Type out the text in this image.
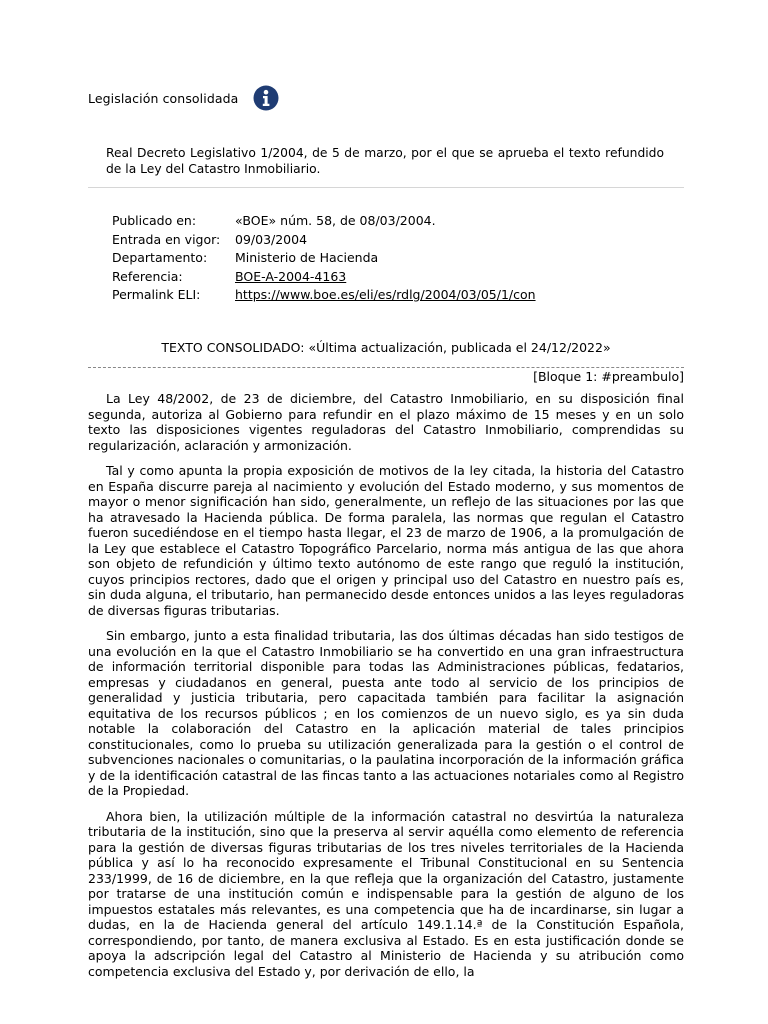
Legislación consolidada
Real Decreto Legislativo 1/2004, de 5 de marzo, por el que se aprueba el texto refundido de la Ley del Catastro Inmobiliario.
Publicado en:	«BOE» núm. 58, de 08/03/2004.
Entrada en vigor:	09/03/2004
Departamento:	Ministerio de Hacienda
Referencia:	BOE-A-2004-4163
Permalink ELI:	https://www.boe.es/eli/es/rdlg/2004/03/05/1/con
TEXTO CONSOLIDADO: «Última actualización, publicada el 24/12/2022»
[Bloque 1: #preambulo]

La Ley 48/2002, de 23 de diciembre, del Catastro Inmobiliario, en su disposición final segunda, autoriza al Gobierno para refundir en el plazo máximo de 15 meses y en un solo texto las disposiciones vigentes reguladoras del Catastro Inmobiliario, comprendidas su regularización, aclaración y armonización.

Tal y como apunta la propia exposición de motivos de la ley citada, la historia del Catastro en España discurre pareja al nacimiento y evolución del Estado moderno, y sus momentos de mayor o menor significación han sido, generalmente, un reflejo de las situaciones por las que ha atravesado la Hacienda pública. De forma paralela, las normas que regulan el Catastro fueron sucediéndose en el tiempo hasta llegar, el 23 de marzo de 1906, a la promulgación de la Ley que establece el Catastro Topográfico Parcelario, norma más antigua de las que ahora son objeto de refundición y último texto autónomo de este rango que reguló la institución, cuyos principios rectores, dado que el origen y principal uso del Catastro en nuestro país es, sin duda alguna, el tributario, han permanecido desde entonces unidos a las leyes reguladoras de diversas figuras tributarias.

Sin embargo, junto a esta finalidad tributaria, las dos últimas décadas han sido testigos de una evolución en la que el Catastro Inmobiliario se ha convertido en una gran infraestructura de información territorial disponible para todas las Administraciones públicas, fedatarios, empresas y ciudadanos en general, puesta ante todo al servicio de los principios de generalidad y justicia tributaria, pero capacitada también para facilitar la asignación equitativa de los recursos públicos ; en los comienzos de un nuevo siglo, es ya sin duda notable la colaboración del Catastro en la aplicación material de tales principios constitucionales, como lo prueba su utilización generalizada para la gestión o el control de subvenciones nacionales o comunitarias, o la paulatina incorporación de la información gráfica y de la identificación catastral de las fincas tanto a las actuaciones notariales como al Registro de la Propiedad.

Ahora bien, la utilización múltiple de la información catastral no desvirtúa la naturaleza tributaria de la institución, sino que la preserva al servir aquélla como elemento de referencia para la gestión de diversas figuras tributarias de los tres niveles territoriales de la Hacienda pública y así lo ha reconocido expresamente el Tribunal Constitucional en su Sentencia 233/1999, de 16 de diciembre, en la que refleja que la organización del Catastro, justamente por tratarse de una institución común e indispensable para la gestión de alguno de los impuestos estatales más relevantes, es una competencia que ha de incardinarse, sin lugar a dudas, en la de Hacienda general del artículo 149.1.14.ª de la Constitución Española, correspondiendo, por tanto, de manera exclusiva al Estado. Es en esta justificación donde se apoya la adscripción legal del Catastro al Ministerio de Hacienda y su atribución como competencia exclusiva del Estado y, por derivación de ello, la
